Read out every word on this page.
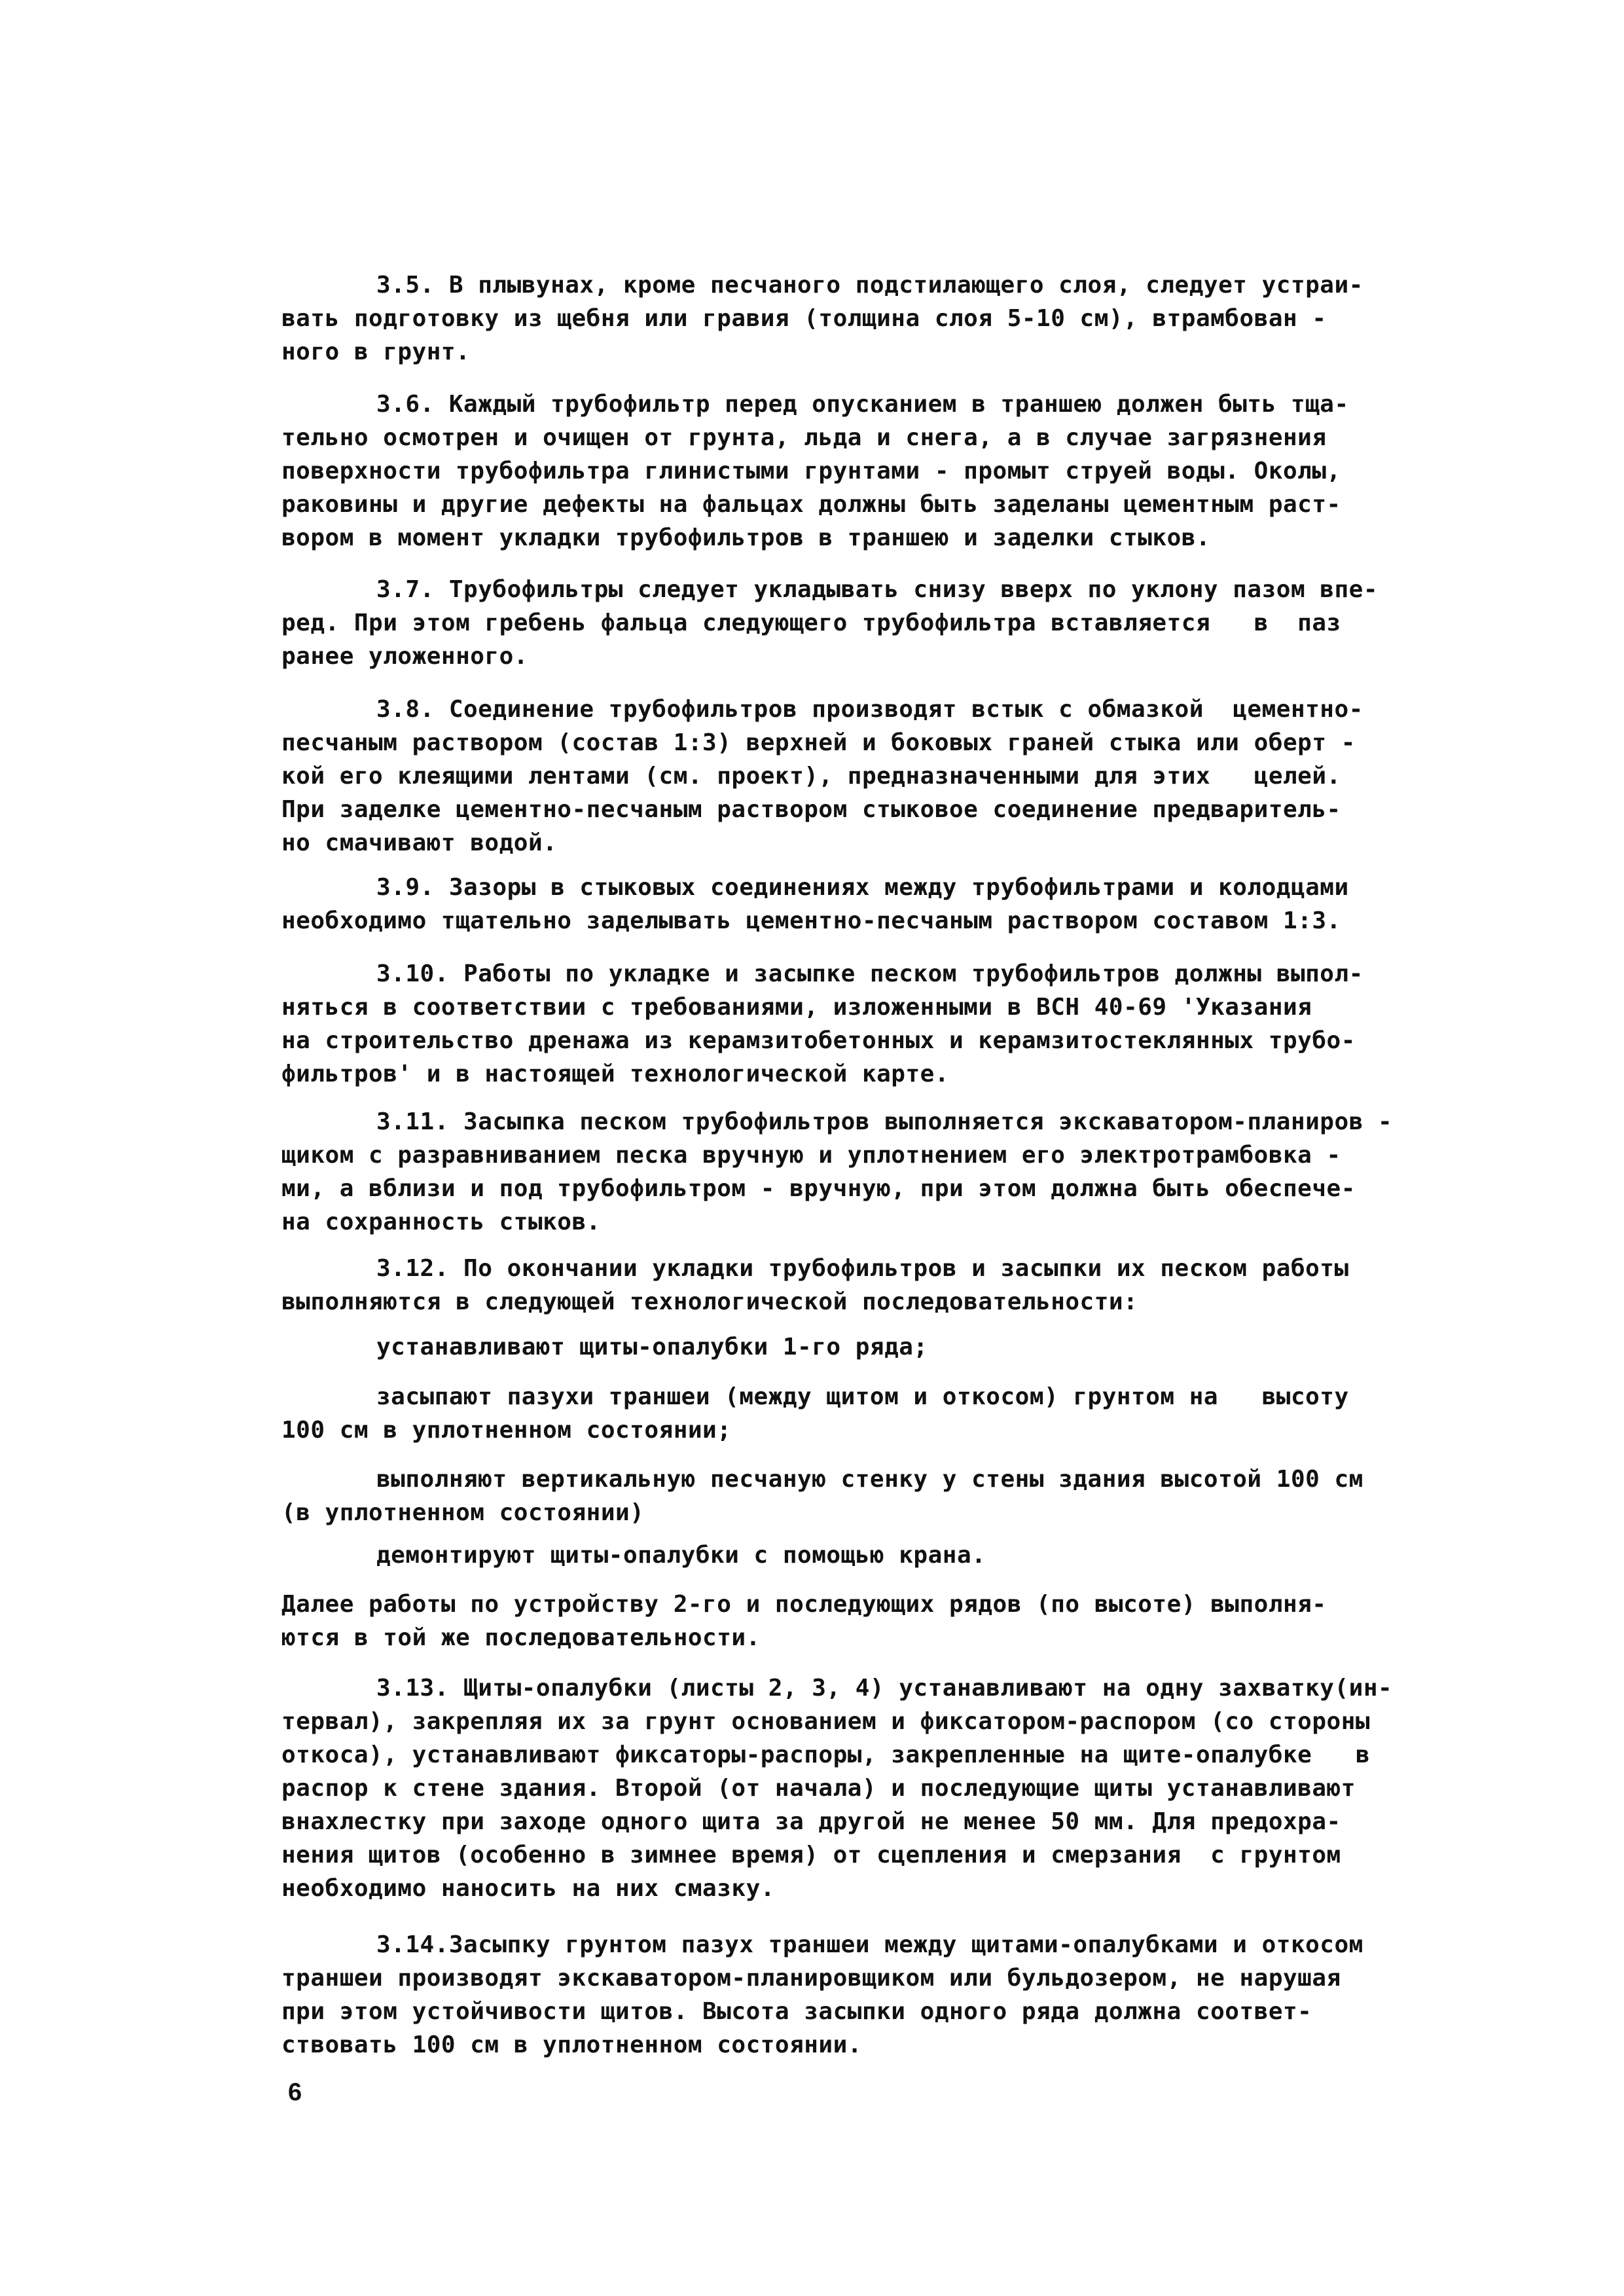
3.5. В плывунах, кроме песчаного подстилающего слоя, следует устраи-
вать подготовку из щебня или гравия (толщина слоя 5-10 см), втрамбован -
ного в грунт.
3.6. Каждый трубофильтр перед опусканием в траншею должен быть тща-
тельно осмотрен и очищен от грунта, льда и снега, а в случае загрязнения
поверхности трубофильтра глинистыми грунтами - промыт струей воды. Околы,
раковины и другие дефекты на фальцах должны быть заделаны цементным раст-
вором в момент укладки трубофильтров в траншею и заделки стыков.
3.7. Трубофильтры следует укладывать снизу вверх по уклону пазом впе-
ред. При этом гребень фальца следующего трубофильтра вставляется   в  паз
ранее уложенного.
3.8. Соединение трубофильтров производят встык с обмазкой  цементно-
песчаным раствором (состав 1:3) верхней и боковых граней стыка или оберт -
кой его клеящими лентами (см. проект), предназначенными для этих   целей.
При заделке цементно-песчаным раствором стыковое соединение предваритель-
но смачивают водой.
3.9. Зазоры в стыковых соединениях между трубофильтрами и колодцами
необходимо тщательно заделывать цементно-песчаным раствором составом 1:3.
3.10. Работы по укладке и засыпке песком трубофильтров должны выпол-
няться в соответствии с требованиями, изложенными в ВСН 40-69 'Указания
на строительство дренажа из керамзитобетонных и керамзитостеклянных трубо-
фильтров' и в настоящей технологической карте.
3.11. Засыпка песком трубофильтров выполняется экскаватором-планиров -
щиком с разравниванием песка вручную и уплотнением его электротрамбовка -
ми, а вблизи и под трубофильтром - вручную, при этом должна быть обеспече-
на сохранность стыков.
3.12. По окончании укладки трубофильтров и засыпки их песком работы
выполняются в следующей технологической последовательности:
устанавливают щиты-опалубки 1-го ряда;
засыпают пазухи траншеи (между щитом и откосом) грунтом на   высоту
100 см в уплотненном состоянии;
выполняют вертикальную песчаную стенку у стены здания высотой 100 см
(в уплотненном состоянии)
демонтируют щиты-опалубки с помощью крана.
Далее работы по устройству 2-го и последующих рядов (по высоте) выполня-
ются в той же последовательности.
3.13. Щиты-опалубки (листы 2, 3, 4) устанавливают на одну захватку(ин-
тервал), закрепляя их за грунт основанием и фиксатором-распором (со стороны
откоса), устанавливают фиксаторы-распоры, закрепленные на щите-опалубке   в
распор к стене здания. Второй (от начала) и последующие щиты устанавливают
внахлестку при заходе одного щита за другой не менее 50 мм. Для предохра-
нения щитов (особенно в зимнее время) от сцепления и смерзания  с грунтом
необходимо наносить на них смазку.
3.14.Засыпку грунтом пазух траншеи между щитами-опалубками и откосом
траншеи производят экскаватором-планировщиком или бульдозером, не нарушая
при этом устойчивости щитов. Высота засыпки одного ряда должна соответ-
ствовать 100 см в уплотненном состоянии.
6
